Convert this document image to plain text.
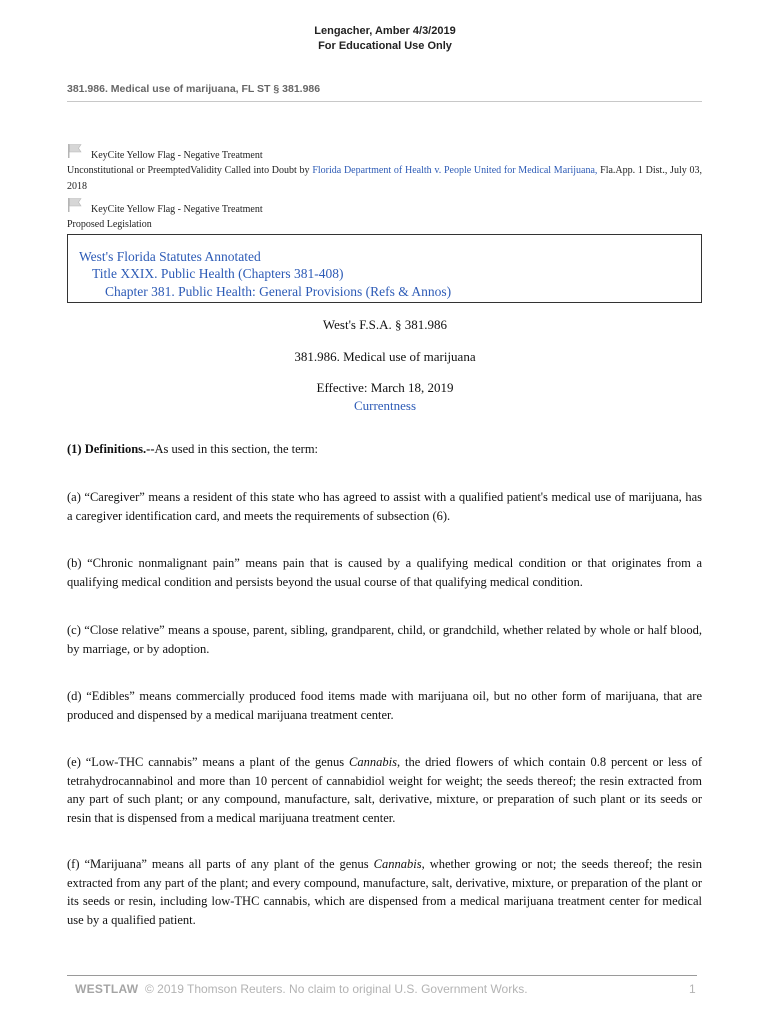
Lengacher, Amber 4/3/2019
For Educational Use Only
381.986. Medical use of marijuana, FL ST § 381.986
KeyCite Yellow Flag - Negative Treatment
Unconstitutional or PreemptedValidity Called into Doubt by Florida Department of Health v. People United for Medical Marijuana, Fla.App. 1 Dist., July 03, 2018
KeyCite Yellow Flag - Negative Treatment
Proposed Legislation
West's Florida Statutes Annotated
Title XXIX. Public Health (Chapters 381-408)
Chapter 381. Public Health: General Provisions (Refs & Annos)
West's F.S.A. § 381.986
381.986. Medical use of marijuana
Effective: March 18, 2019
Currentness
(1) Definitions.--As used in this section, the term:
(a) “Caregiver” means a resident of this state who has agreed to assist with a qualified patient's medical use of marijuana, has a caregiver identification card, and meets the requirements of subsection (6).
(b) “Chronic nonmalignant pain” means pain that is caused by a qualifying medical condition or that originates from a qualifying medical condition and persists beyond the usual course of that qualifying medical condition.
(c) “Close relative” means a spouse, parent, sibling, grandparent, child, or grandchild, whether related by whole or half blood, by marriage, or by adoption.
(d) “Edibles” means commercially produced food items made with marijuana oil, but no other form of marijuana, that are produced and dispensed by a medical marijuana treatment center.
(e) “Low-THC cannabis” means a plant of the genus Cannabis, the dried flowers of which contain 0.8 percent or less of tetrahydrocannabinol and more than 10 percent of cannabidiol weight for weight; the seeds thereof; the resin extracted from any part of such plant; or any compound, manufacture, salt, derivative, mixture, or preparation of such plant or its seeds or resin that is dispensed from a medical marijuana treatment center.
(f) “Marijuana” means all parts of any plant of the genus Cannabis, whether growing or not; the seeds thereof; the resin extracted from any part of the plant; and every compound, manufacture, salt, derivative, mixture, or preparation of the plant or its seeds or resin, including low-THC cannabis, which are dispensed from a medical marijuana treatment center for medical use by a qualified patient.
WESTLAW © 2019 Thomson Reuters. No claim to original U.S. Government Works.	1
